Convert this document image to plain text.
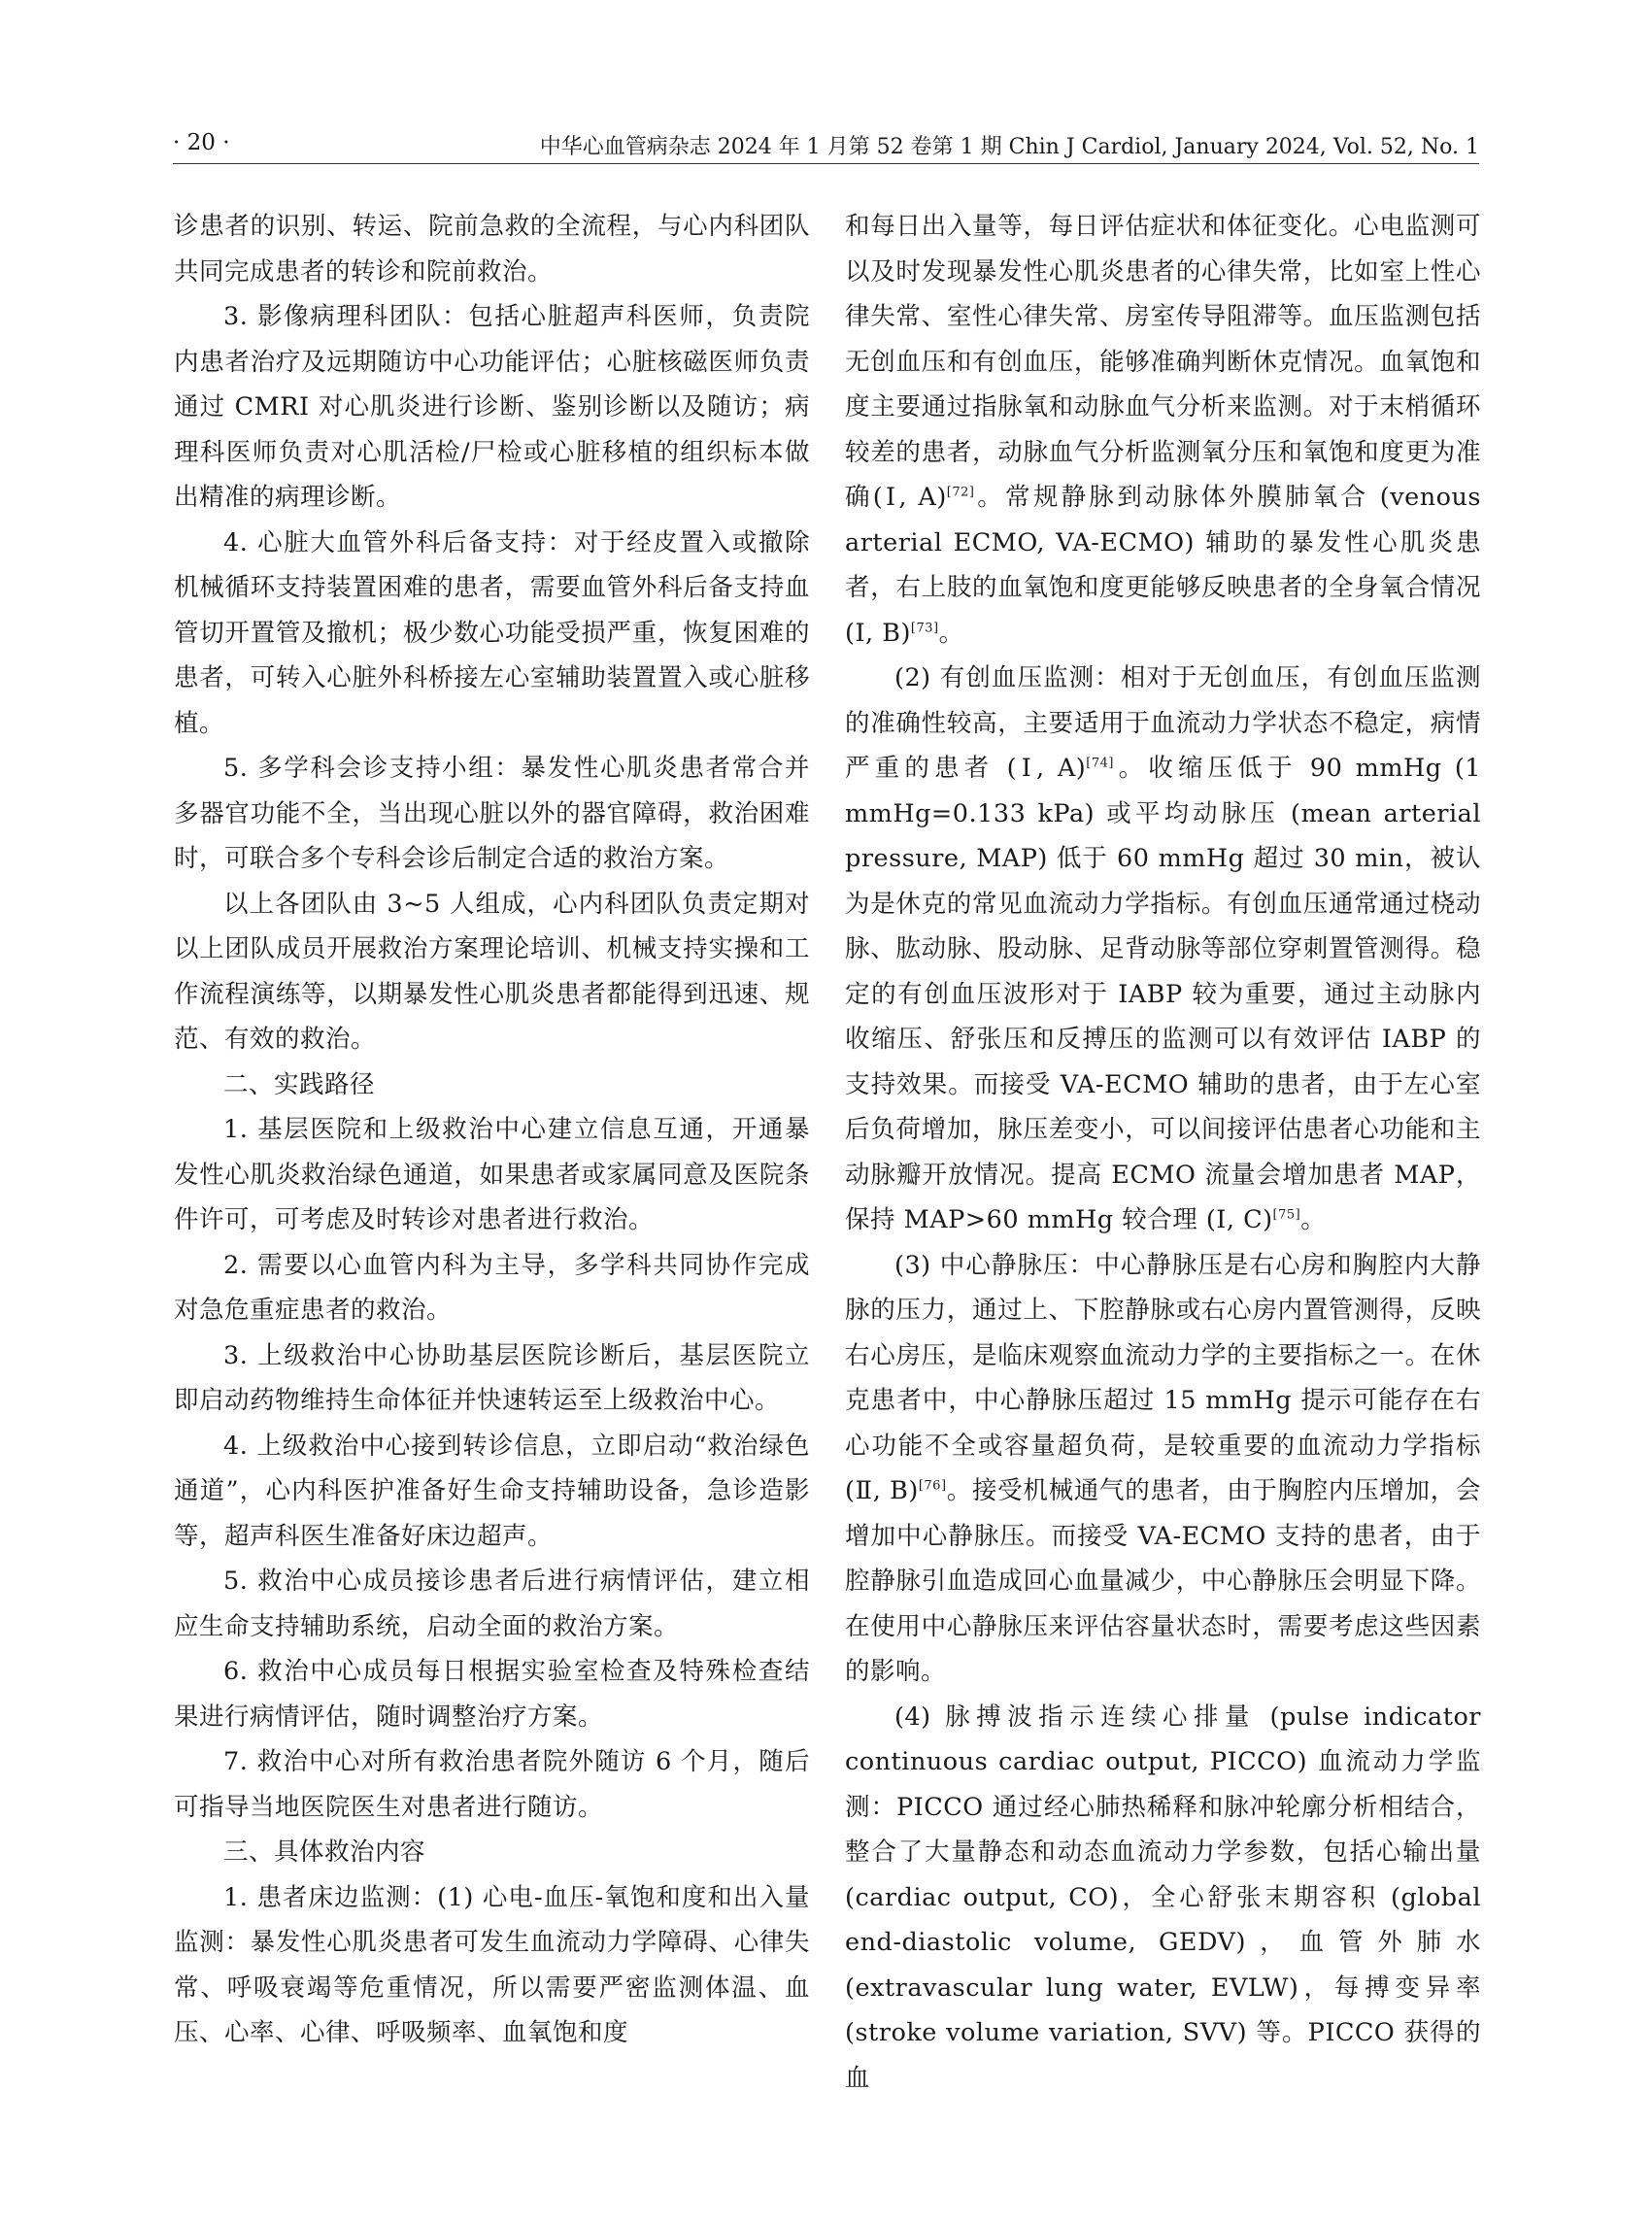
· 20 ·	中华心血管病杂志 2024 年 1 月第 52 卷第 1 期 Chin J Cardiol, January 2024, Vol. 52, No. 1

诊患者的识别、转运、院前急救的全流程，与心内科团队共同完成患者的转诊和院前救治。

3. 影像病理科团队：包括心脏超声科医师，负责院内患者治疗及远期随访中心功能评估；心脏核磁医师负责通过 CMRI 对心肌炎进行诊断、鉴别诊断以及随访；病理科医师负责对心肌活检/尸检或心脏移植的组织标本做出精准的病理诊断。

4. 心脏大血管外科后备支持：对于经皮置入或撤除机械循环支持装置困难的患者，需要血管外科后备支持血管切开置管及撤机；极少数心功能受损严重，恢复困难的患者，可转入心脏外科桥接左心室辅助装置置入或心脏移植。

5. 多学科会诊支持小组：暴发性心肌炎患者常合并多器官功能不全，当出现心脏以外的器官障碍，救治困难时，可联合多个专科会诊后制定合适的救治方案。

以上各团队由 3~5 人组成，心内科团队负责定期对以上团队成员开展救治方案理论培训、机械支持实操和工作流程演练等，以期暴发性心肌炎患者都能得到迅速、规范、有效的救治。

二、实践路径

1. 基层医院和上级救治中心建立信息互通，开通暴发性心肌炎救治绿色通道，如果患者或家属同意及医院条件许可，可考虑及时转诊对患者进行救治。

2. 需要以心血管内科为主导，多学科共同协作完成对急危重症患者的救治。

3. 上级救治中心协助基层医院诊断后，基层医院立即启动药物维持生命体征并快速转运至上级救治中心。

4. 上级救治中心接到转诊信息，立即启动“救治绿色通道”，心内科医护准备好生命支持辅助设备，急诊造影等，超声科医生准备好床边超声。

5. 救治中心成员接诊患者后进行病情评估，建立相应生命支持辅助系统，启动全面的救治方案。

6. 救治中心成员每日根据实验室检查及特殊检查结果进行病情评估，随时调整治疗方案。

7. 救治中心对所有救治患者院外随访 6 个月，随后可指导当地医院医生对患者进行随访。

三、具体救治内容

1. 患者床边监测：(1) 心电-血压-氧饱和度和出入量监测：暴发性心肌炎患者可发生血流动力学障碍、心律失常、呼吸衰竭等危重情况，所以需要严密监测体温、血压、心率、心律、呼吸频率、血氧饱和度

和每日出入量等，每日评估症状和体征变化。心电监测可以及时发现暴发性心肌炎患者的心律失常，比如室上性心律失常、室性心律失常、房室传导阻滞等。血压监测包括无创血压和有创血压，能够准确判断休克情况。血氧饱和度主要通过指脉氧和动脉血气分析来监测。对于末梢循环较差的患者，动脉血气分析监测氧分压和氧饱和度更为准确(Ⅰ, A)[72]。常规静脉到动脉体外膜肺氧合 (venous arterial ECMO, VA-ECMO) 辅助的暴发性心肌炎患者，右上肢的血氧饱和度更能够反映患者的全身氧合情况 (Ⅰ, B)[73]。

(2) 有创血压监测：相对于无创血压，有创血压监测的准确性较高，主要适用于血流动力学状态不稳定，病情严重的患者 (Ⅰ, A)[74]。收缩压低于 90 mmHg (1 mmHg=0.133 kPa) 或平均动脉压 (mean arterial pressure, MAP) 低于 60 mmHg 超过 30 min，被认为是休克的常见血流动力学指标。有创血压通常通过桡动脉、肱动脉、股动脉、足背动脉等部位穿刺置管测得。稳定的有创血压波形对于 IABP 较为重要，通过主动脉内收缩压、舒张压和反搏压的监测可以有效评估 IABP 的支持效果。而接受 VA-ECMO 辅助的患者，由于左心室后负荷增加，脉压差变小，可以间接评估患者心功能和主动脉瓣开放情况。提高 ECMO 流量会增加患者 MAP，保持 MAP>60 mmHg 较合理 (Ⅰ, C)[75]。

(3) 中心静脉压：中心静脉压是右心房和胸腔内大静脉的压力，通过上、下腔静脉或右心房内置管测得，反映右心房压，是临床观察血流动力学的主要指标之一。在休克患者中，中心静脉压超过 15 mmHg 提示可能存在右心功能不全或容量超负荷，是较重要的血流动力学指标 (Ⅱ, B)[76]。接受机械通气的患者，由于胸腔内压增加，会增加中心静脉压。而接受 VA-ECMO 支持的患者，由于腔静脉引血造成回心血量减少，中心静脉压会明显下降。在使用中心静脉压来评估容量状态时，需要考虑这些因素的影响。

(4) 脉搏波指示连续心排量 (pulse indicator continuous cardiac output, PICCO) 血流动力学监测：PICCO 通过经心肺热稀释和脉冲轮廓分析相结合，整合了大量静态和动态血流动力学参数，包括心输出量 (cardiac output, CO)，全心舒张末期容积 (global end-diastolic volume, GEDV)，血管外肺水 (extravascular lung water, EVLW)，每搏变异率 (stroke volume variation, SVV) 等。PICCO 获得的血
